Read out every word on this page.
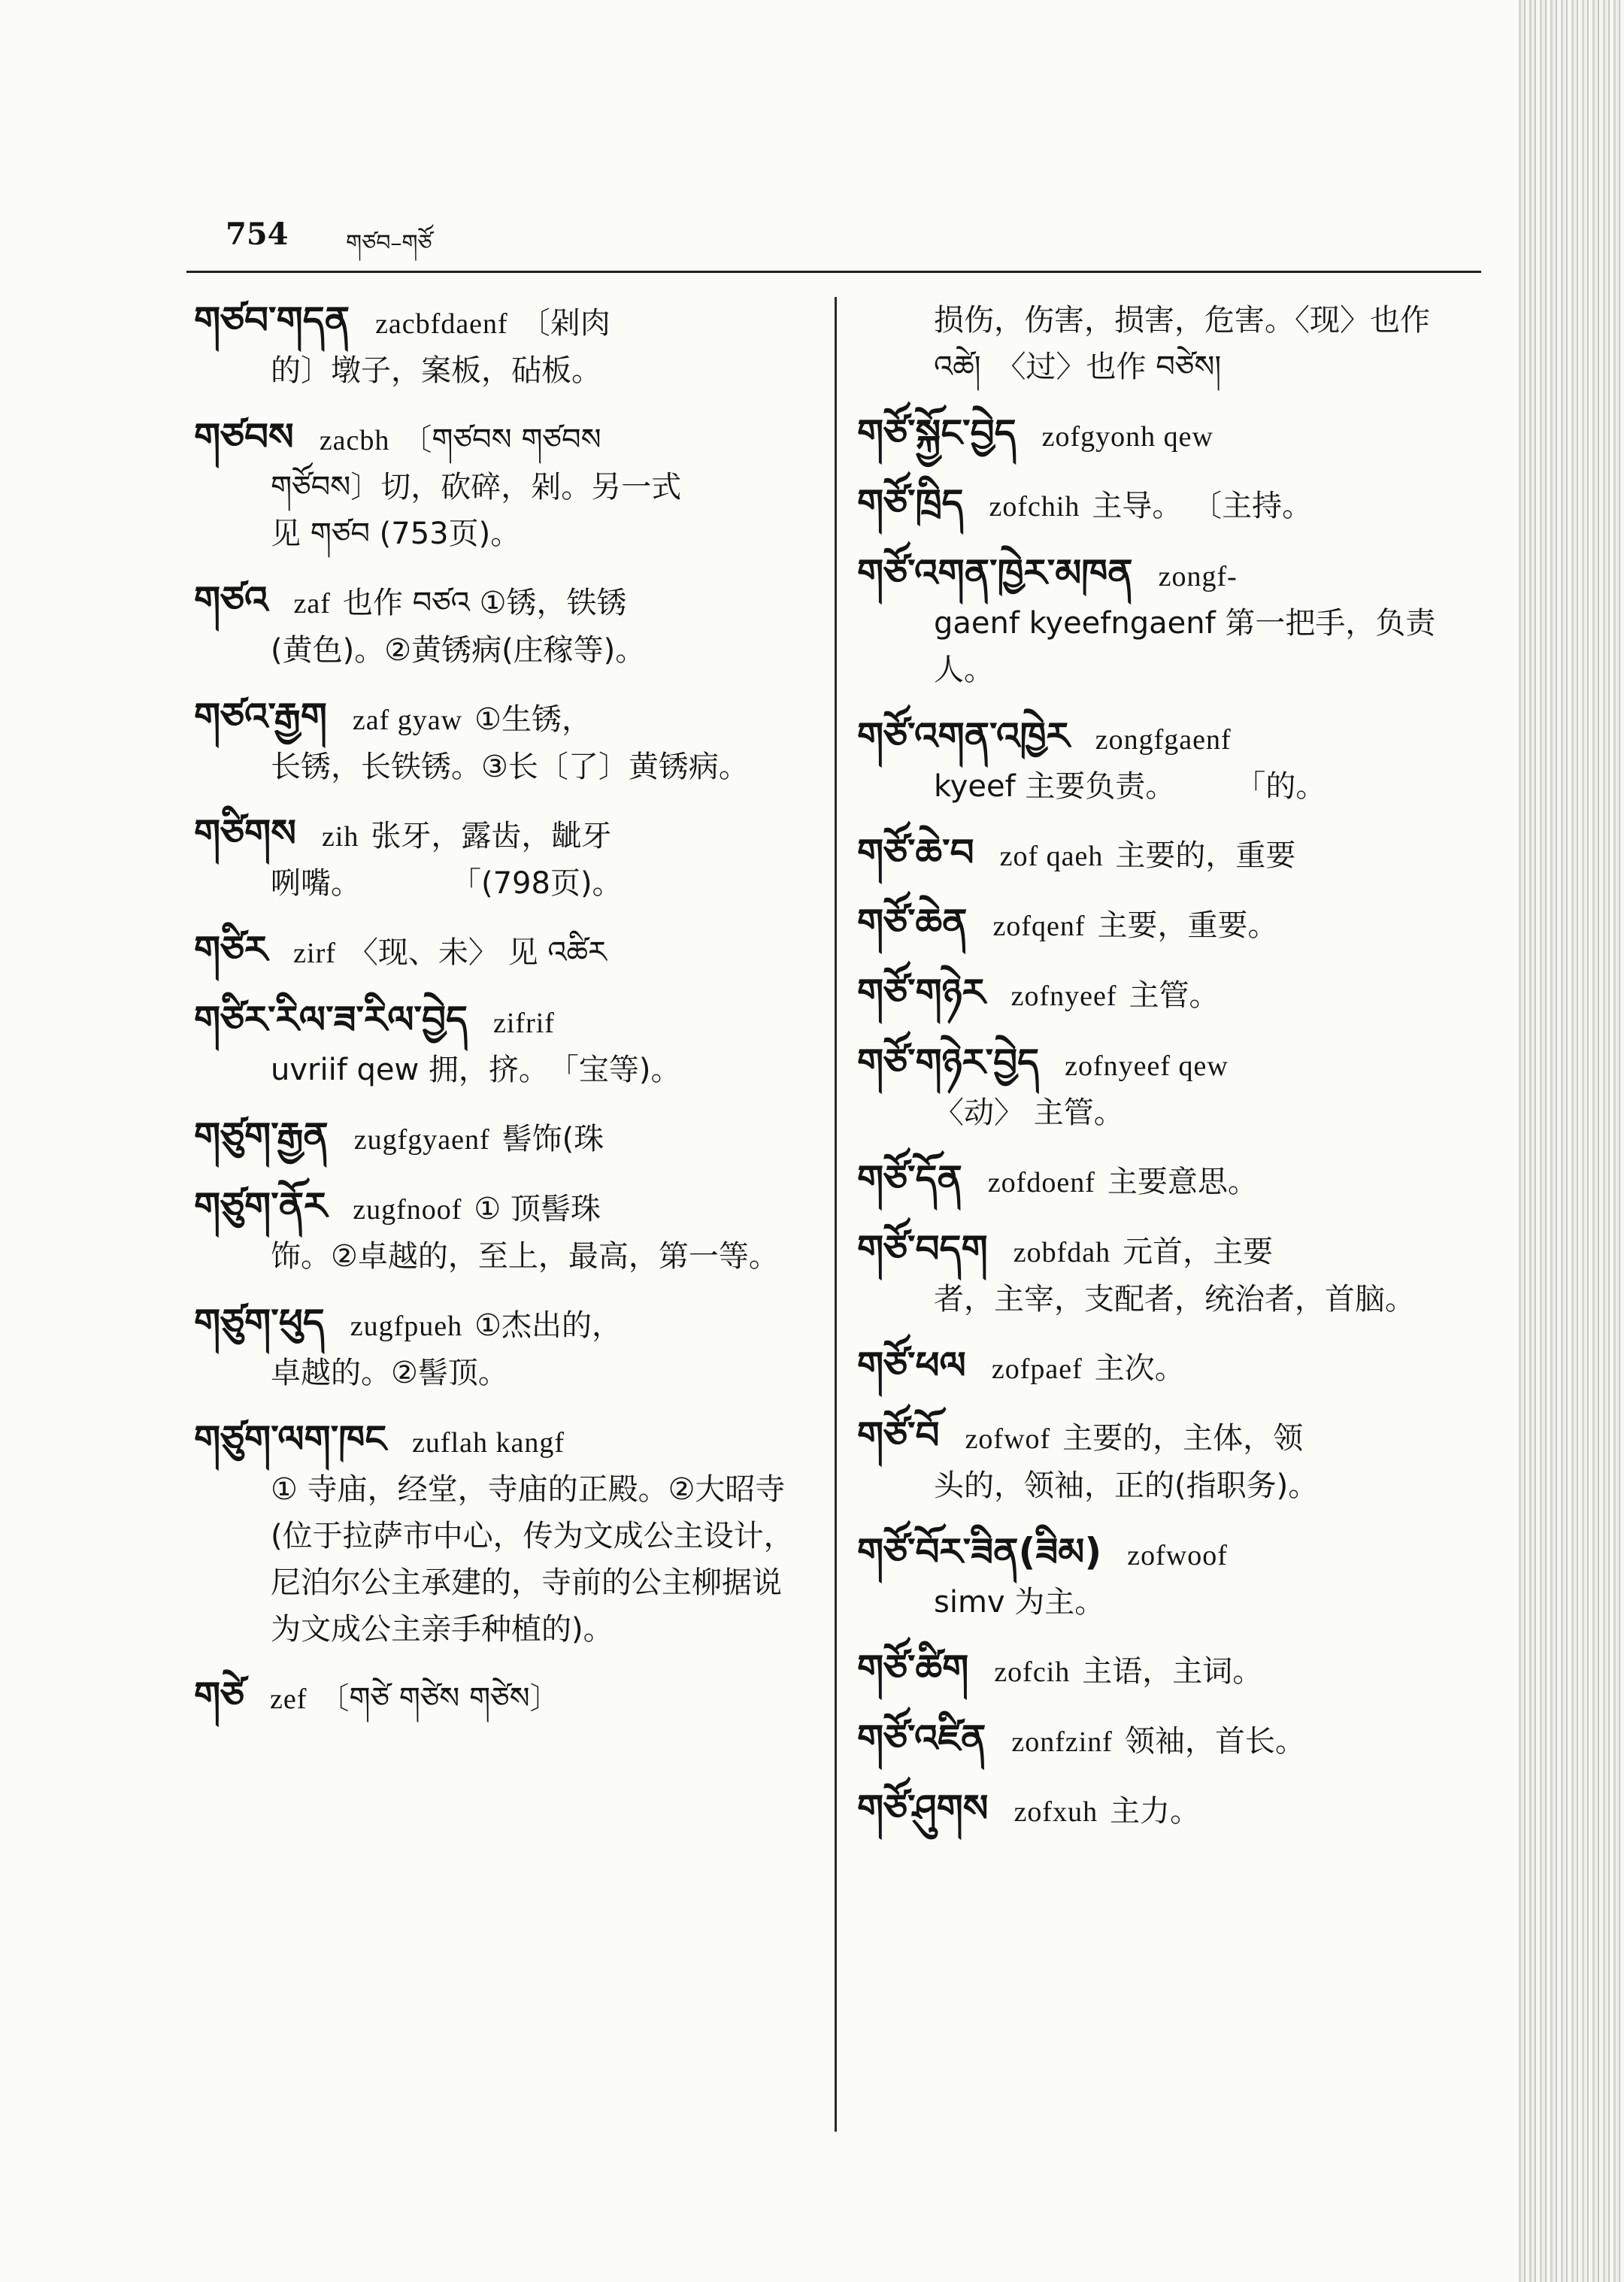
754	གཙབ–གཙོ
གཙབ་གདན zacbfdaenf 〔剁肉
的〕墩子，案板，砧板。
གཙབས zacbh 〔གཙབས གཙབས
གཙོབས〕切，砍碎，剁。另一式
见 གཙབ (753页)。
གཙའ zaf 也作 བཙའ ①锈，铁锈
(黄色)。②黄锈病(庄稼等)。
གཙའ་རྒྱག zaf gyaw ①生锈，
长锈，长铁锈。③长〔了〕黄锈病。
གཙིགས zih 张牙，露齿，龇牙
咧嘴。　　　　「(798页)。
གཙིར zirf 〈现、未〉 见 འཚིར
གཙིར་རིལ་ཟ་རིལ་བྱེད zifrif
uvriif qew 拥，挤。　「宝等)。
གཙུག་རྒྱན zugfgyaenf 髻饰(珠
གཙུག་ནོར zugfnoof ① 顶髻珠
饰。②卓越的，至上，最高，第一等。
གཙུག་ཕུད zugfpueh ①杰出的，
卓越的。②髻顶。
གཙུག་ལག་ཁང zuflah kangf
① 寺庙，经堂，寺庙的正殿。②大昭寺(位于拉萨市中心，传为文成公主设计，尼泊尔公主承建的，寺前的公主柳据说为文成公主亲手种植的)。
གཙེ zef 〔གཙེ གཙེས གཙེས〕
损伤，伤害，损害，危害。〈现〉也作 འཚེ།　〈过〉也作 བཙེས།
གཙོ་སྐྱོང་བྱེད zofgyonh qew
གཙོ་ཁྲིད zofchih 主导。 〔主持。
གཙོ་འགན་ཁྱེར་མཁན zongf-
gaenf kyeefngaenf 第一把手，负责人。
གཙོ་འགན་འཁྱེར zongfgaenf
kyeef 主要负责。　　　「的。
གཙོ་ཆེ་བ zof qaeh 主要的，重要
གཙོ་ཆེན zofqenf 主要，重要。
གཙོ་གཉེར zofnyeef 主管。
གཙོ་གཉེར་བྱེད zofnyeef qew
〈动〉 主管。
གཙོ་དོན zofdoenf 主要意思。
གཙོ་བདག zobfdah 元首，主要
者，主宰，支配者，统治者，首脑。
གཙོ་ཕལ zofpaef 主次。
གཙོ་བོ zofwof 主要的，主体，领
头的，领袖，正的(指职务)。
གཙོ་བོར་ཟིན(ཟིམ) zofwoof
simv 为主。
གཙོ་ཚིག zofcih 主语，主词。
གཙོ་འཛིན zonfzinf 领袖，首长。
གཙོ་ཤུགས zofxuh 主力。
